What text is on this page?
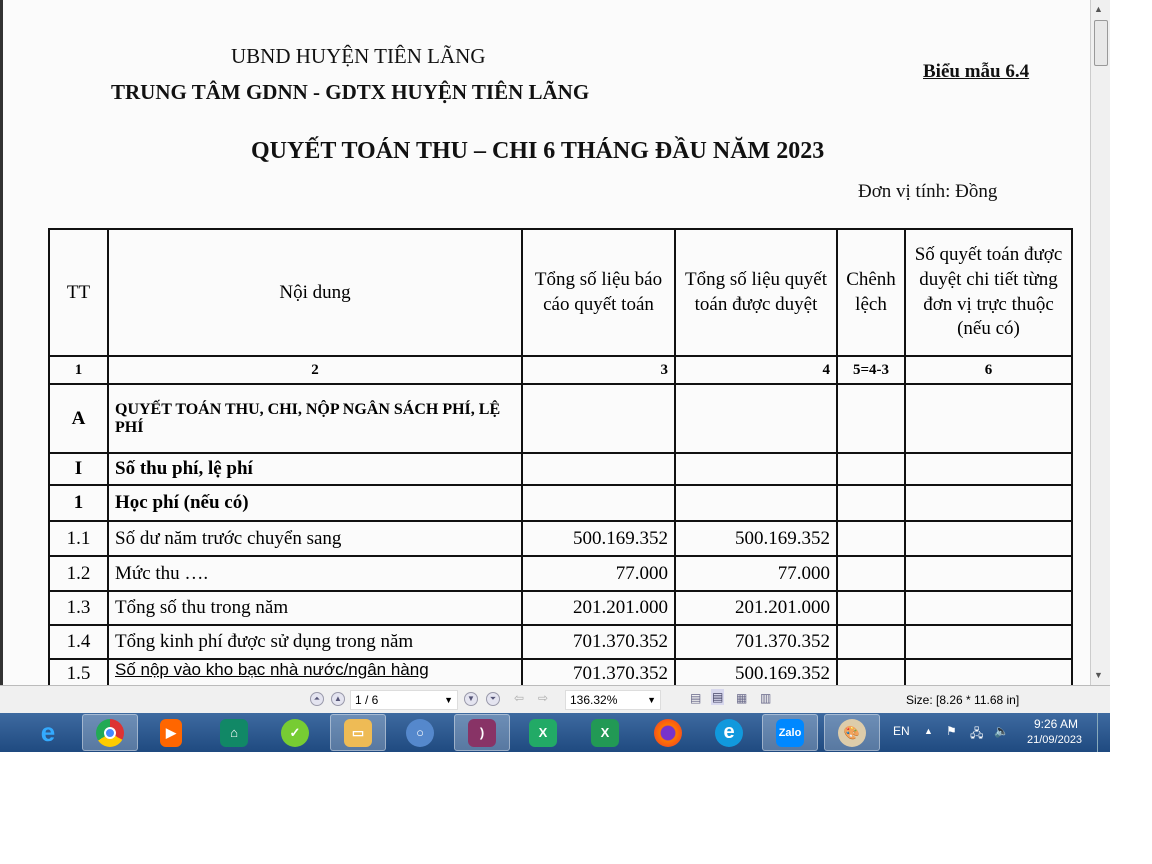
UBND HUYỆN TIÊN LÃNG
TRUNG TÂM GDNN - GDTX HUYỆN TIÊN LÃNG
Biểu mẫu 6.4
QUYẾT TOÁN THU – CHI 6 THÁNG ĐẦU NĂM 2023
Đơn vị tính: Đồng
TT	Nội dung	Tổng số liệu báo cáo quyết toán	Tổng số liệu quyết toán được duyệt	Chênh lệch	Số quyết toán được duyệt chi tiết từng đơn vị trực thuộc (nếu có)
1	2	3	4	5=4-3	6
A	QUYẾT TOÁN THU, CHI, NỘP NGÂN SÁCH PHÍ, LỆ PHÍ				
I	Số thu phí, lệ phí				
1	Học phí (nếu có)				
1.1	Số dư năm trước chuyển sang	500.169.352	500.169.352		
1.2	Mức thu ….	77.000	77.000		
1.3	Tổng số thu trong năm	201.201.000	201.201.000		
1.4	Tổng kinh phí được sử dụng trong năm	701.370.352	701.370.352		
1.5	Số nộp vào kho bạc nhà nước/ngân hàng	701.370.352	500.169.352		
▲
▼
⏶	▲	1 / 6	▼	▼	⏷	⇦ ⇨	136.32%	▼	▤ ▤ ▦ ▥	Size: [8.26 * 11.68 in]
e	▶	⌂	✓	▭	○	)	X	X	e	Zalo	🎨	EN ▲ ⚑ 🖧 🔈 9:26 AM
21/09/2023
